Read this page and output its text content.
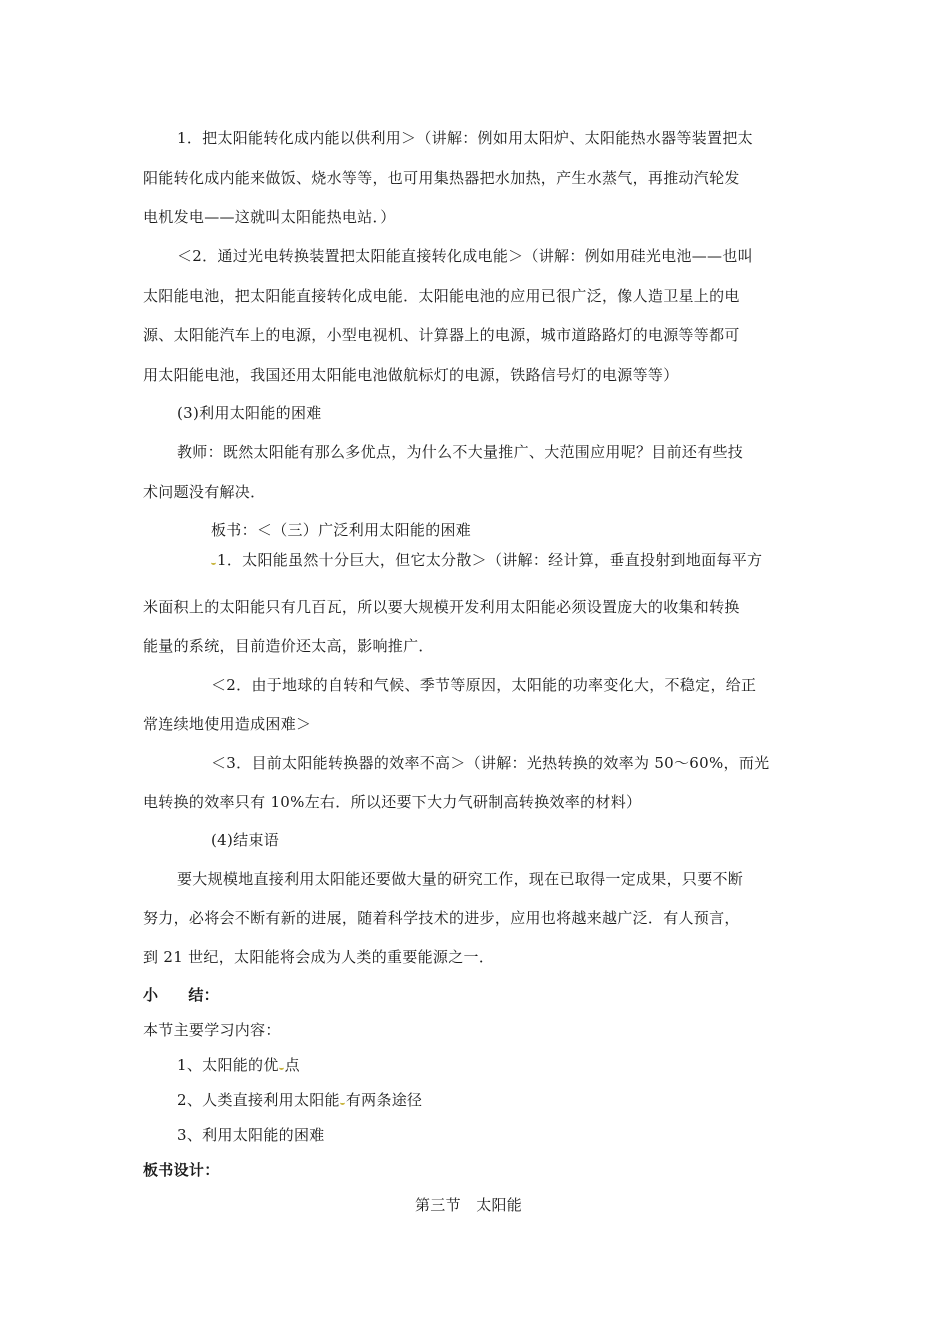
1．把太阳能转化成内能以供利用＞（讲解：例如用太阳炉、太阳能热水器等装置把太
阳能转化成内能来做饭、烧水等等，也可用集热器把水加热，产生水蒸气，再推动汽轮发
电机发电——这就叫太阳能热电站．）
＜2．通过光电转换装置把太阳能直接转化成电能＞（讲解：例如用硅光电池——也叫
太阳能电池，把太阳能直接转化成电能．太阳能电池的应用已很广泛，像人造卫星上的电
源、太阳能汽车上的电源，小型电视机、计算器上的电源，城市道路路灯的电源等等都可
用太阳能电池，我国还用太阳能电池做航标灯的电源，铁路信号灯的电源等等）
(3)利用太阳能的困难
教师：既然太阳能有那么多优点，为什么不大量推广、大范围应用呢？目前还有些技
术问题没有解决．
板书：＜（三）广泛利用太阳能的困难
1．太阳能虽然十分巨大，但它太分散＞（讲解：经计算，垂直投射到地面每平方
米面积上的太阳能只有几百瓦，所以要大规模开发利用太阳能必须设置庞大的收集和转换
能量的系统，目前造价还太高，影响推广．
＜2．由于地球的自转和气候、季节等原因，太阳能的功率变化大，不稳定，给正
常连续地使用造成困难＞
＜3．目前太阳能转换器的效率不高＞（讲解：光热转换的效率为 50～60%，而光
电转换的效率只有 10%左右．所以还要下大力气研制高转换效率的材料）
(4)结束语
要大规模地直接利用太阳能还要做大量的研究工作，现在已取得一定成果，只要不断
努力，必将会不断有新的进展，随着科学技术的进步，应用也将越来越广泛．有人预言，
到 21 世纪，太阳能将会成为人类的重要能源之一．
小 结：
本节主要学习内容：
1、太阳能的优 点
2、人类直接利用太阳能 有两条途径
3、利用太阳能的困难
板书设计：
第三节　太阳能
